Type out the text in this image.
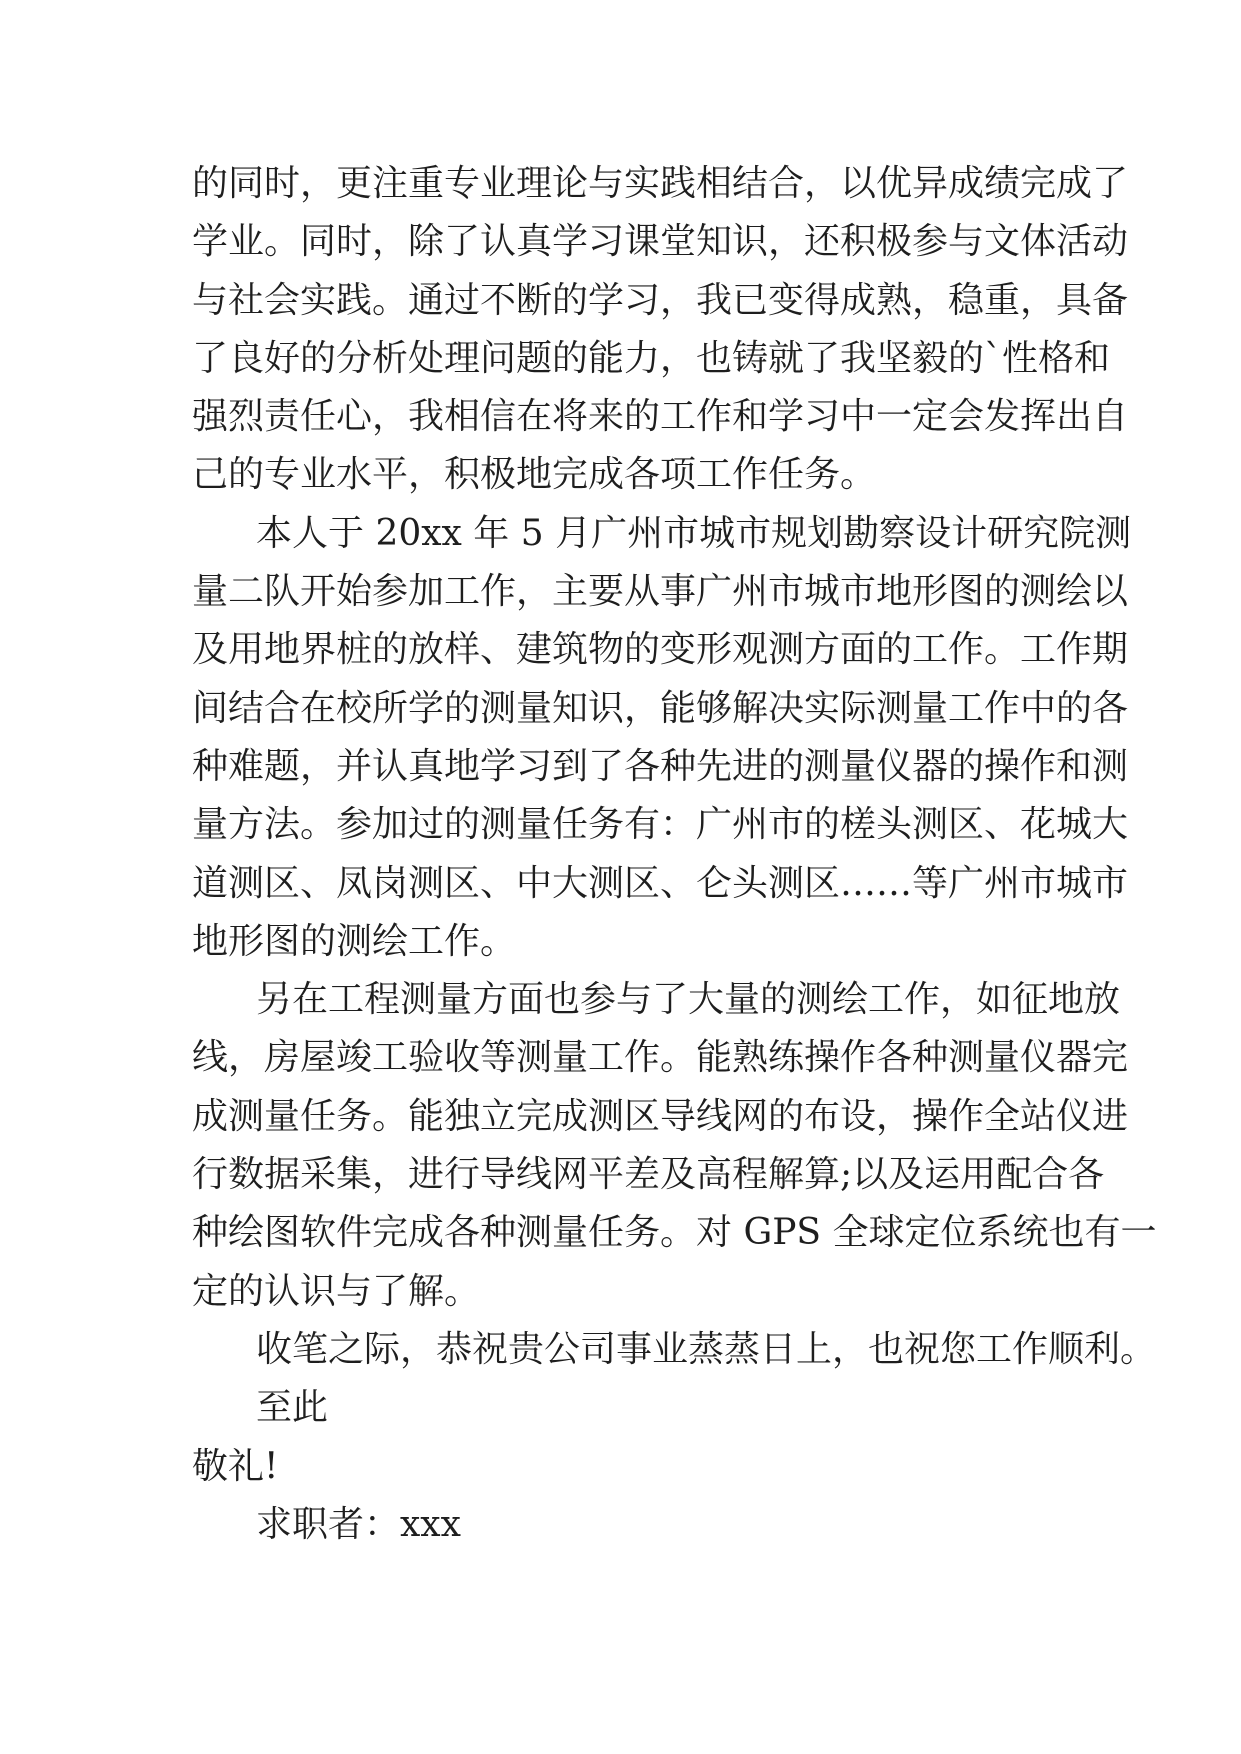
的同时，更注重专业理论与实践相结合，以优异成绩完成了
学业。同时，除了认真学习课堂知识，还积极参与文体活动
与社会实践。通过不断的学习，我已变得成熟，稳重，具备
了良好的分析处理问题的能力，也铸就了我坚毅的`性格和
强烈责任心，我相信在将来的工作和学习中一定会发挥出自
己的专业水平，积极地完成各项工作任务。
本人于 20xx 年 5 月广州市城市规划勘察设计研究院测
量二队开始参加工作，主要从事广州市城市地形图的测绘以
及用地界桩的放样、建筑物的变形观测方面的工作。工作期
间结合在校所学的测量知识，能够解决实际测量工作中的各
种难题，并认真地学习到了各种先进的测量仪器的操作和测
量方法。参加过的测量任务有：广州市的槎头测区、花城大
道测区、凤岗测区、中大测区、仑头测区……等广州市城市
地形图的测绘工作。
另在工程测量方面也参与了大量的测绘工作，如征地放
线，房屋竣工验收等测量工作。能熟练操作各种测量仪器完
成测量任务。能独立完成测区导线网的布设，操作全站仪进
行数据采集，进行导线网平差及高程解算;以及运用配合各
种绘图软件完成各种测量任务。对 GPS 全球定位系统也有一
定的认识与了解。
收笔之际，恭祝贵公司事业蒸蒸日上，也祝您工作顺利。
至此
敬礼!
求职者：xxx
